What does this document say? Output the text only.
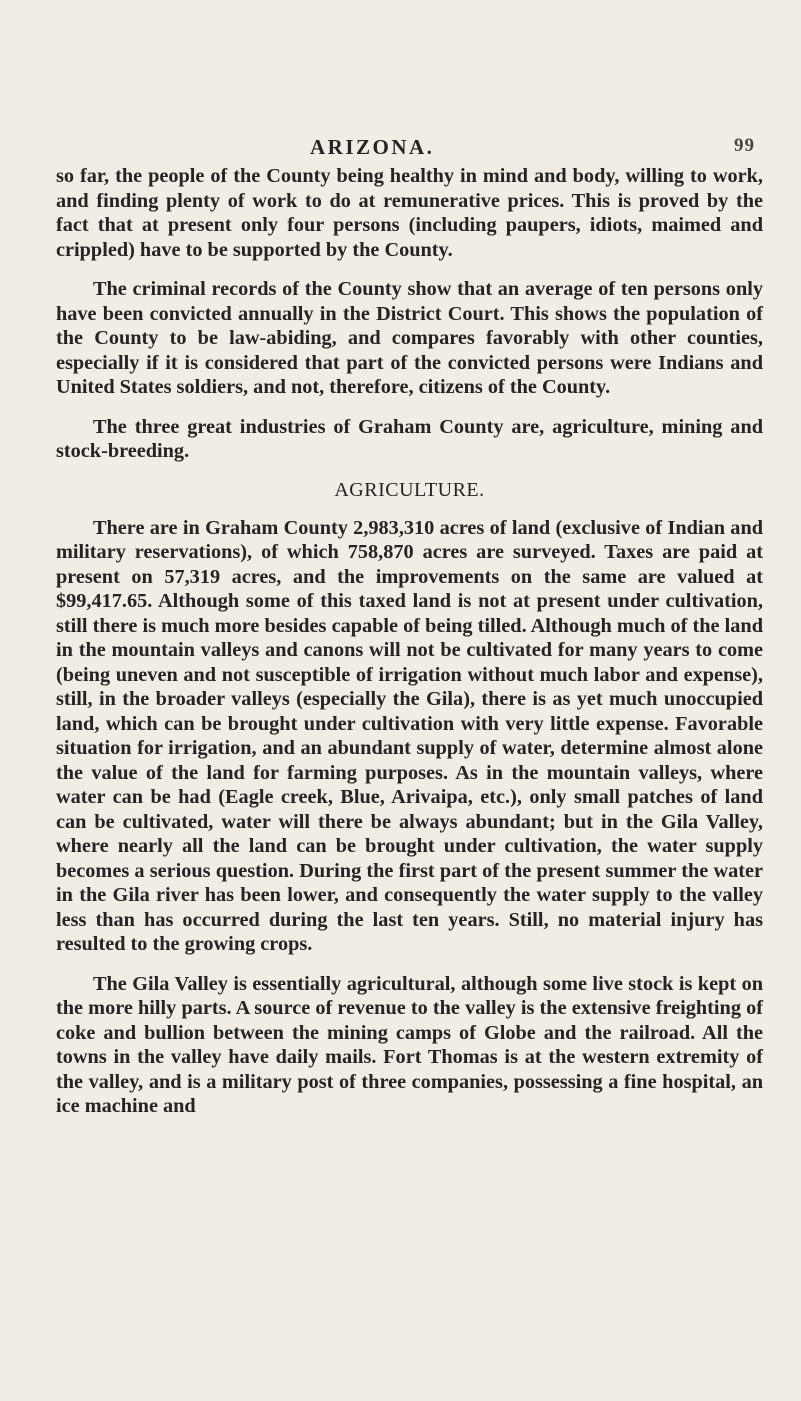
ARIZONA.	99

so far, the people of the County being healthy in mind and body, willing to work, and finding plenty of work to do at remunerative prices. This is proved by the fact that at present only four persons (including paupers, idiots, maimed and crippled) have to be supported by the County.

The criminal records of the County show that an average of ten persons only have been convicted annually in the District Court. This shows the population of the County to be law-abiding, and compares favorably with other counties, especially if it is considered that part of the convicted persons were Indians and United States soldiers, and not, therefore, citizens of the County.

The three great industries of Graham County are, agriculture, mining and stock-breeding.

AGRICULTURE.

There are in Graham County 2,983,310 acres of land (exclusive of Indian and military reservations), of which 758,870 acres are surveyed. Taxes are paid at present on 57,319 acres, and the improvements on the same are valued at $99,417.65. Although some of this taxed land is not at present under cultivation, still there is much more besides capable of being tilled. Although much of the land in the mountain valleys and canons will not be cultivated for many years to come (being uneven and not susceptible of irrigation without much labor and expense), still, in the broader valleys (especially the Gila), there is as yet much unoccupied land, which can be brought under cultivation with very little expense. Favorable situation for irrigation, and an abundant supply of water, determine almost alone the value of the land for farming purposes. As in the mountain valleys, where water can be had (Eagle creek, Blue, Arivaipa, etc.), only small patches of land can be cultivated, water will there be always abundant; but in the Gila Valley, where nearly all the land can be brought under cultivation, the water supply becomes a serious question. During the first part of the present summer the water in the Gila river has been lower, and consequently the water supply to the valley less than has occurred during the last ten years. Still, no material injury has resulted to the growing crops.

The Gila Valley is essentially agricultural, although some live stock is kept on the more hilly parts. A source of revenue to the valley is the extensive freighting of coke and bullion between the mining camps of Globe and the railroad. All the towns in the valley have daily mails. Fort Thomas is at the western extremity of the valley, and is a military post of three companies, possessing a fine hospital, an ice machine and
